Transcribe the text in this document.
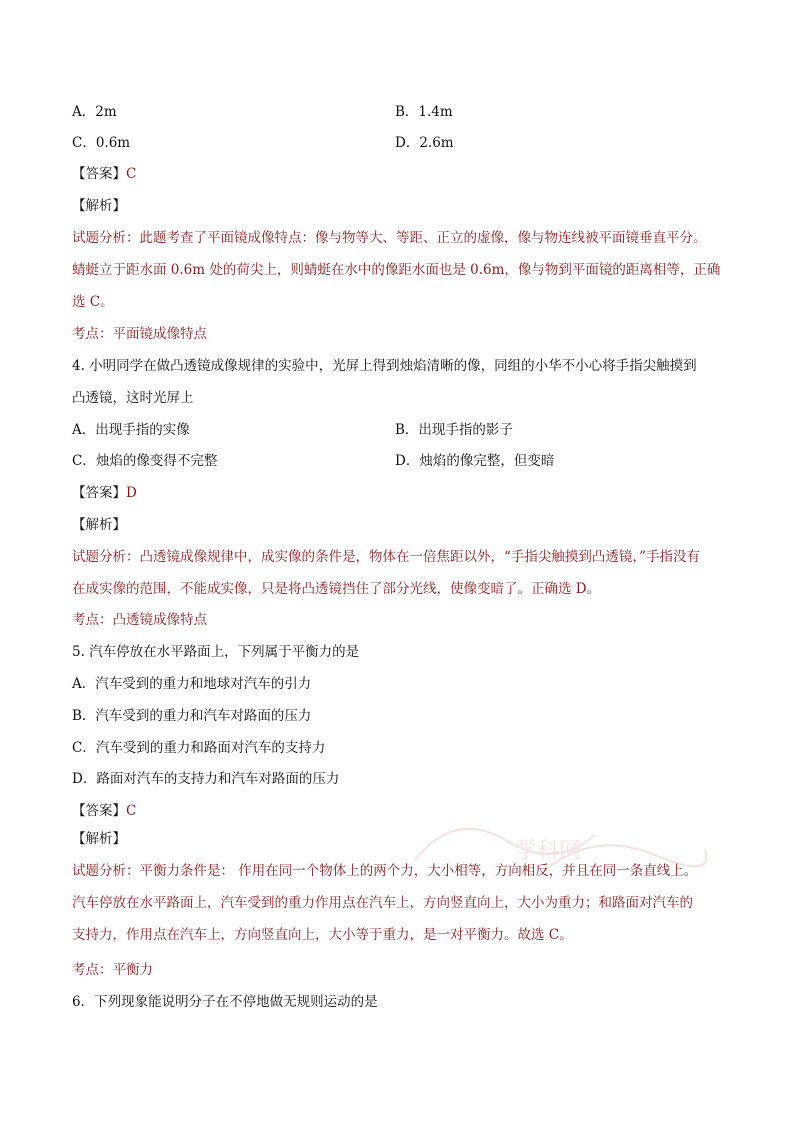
A．2m	B．1.4m
C．0.6m	D．2.6m
【答案】C
【解析】
试题分析：此题考查了平面镜成像特点：像与物等大、等距、正立的虚像，像与物连线被平面镜垂直平分。
蜻蜓立于距水面 0.6m 处的荷尖上，则蜻蜓在水中的像距水面也是 0.6m，像与物到平面镜的距离相等，正确
选 C。
考点：平面镜成像特点
4. 小明同学在做凸透镜成像规律的实验中，光屏上得到烛焰清晰的像，同组的小华不小心将手指尖触摸到
凸透镜，这时光屏上
A．出现手指的实像	B．出现手指的影子
C．烛焰的像变得不完整	D．烛焰的像完整，但变暗
【答案】D
【解析】
试题分析：凸透镜成像规律中，成实像的条件是，物体在一倍焦距以外，“手指尖触摸到凸透镜，”手指没有
在成实像的范围，不能成实像，只是将凸透镜挡住了部分光线，使像变暗了。正确选 D。
考点：凸透镜成像特点
5. 汽车停放在水平路面上，下列属于平衡力的是
A．汽车受到的重力和地球对汽车的引力
B．汽车受到的重力和汽车对路面的压力
C．汽车受到的重力和路面对汽车的支持力
D．路面对汽车的支持力和汽车对路面的压力
【答案】C
【解析】	学科网
试题分析：平衡力条件是： 作用在同一个物体上的两个力，大小相等，方向相反，并且在同一条直线上。
汽车停放在水平路面上，汽车受到的重力作用点在汽车上，方向竖直向上，大小为重力；和路面对汽车的
支持力，作用点在汽车上，方向竖直向上，大小等于重力，是一对平衡力。故选 C。
考点：平衡力
6．下列现象能说明分子在不停地做无规则运动的是
